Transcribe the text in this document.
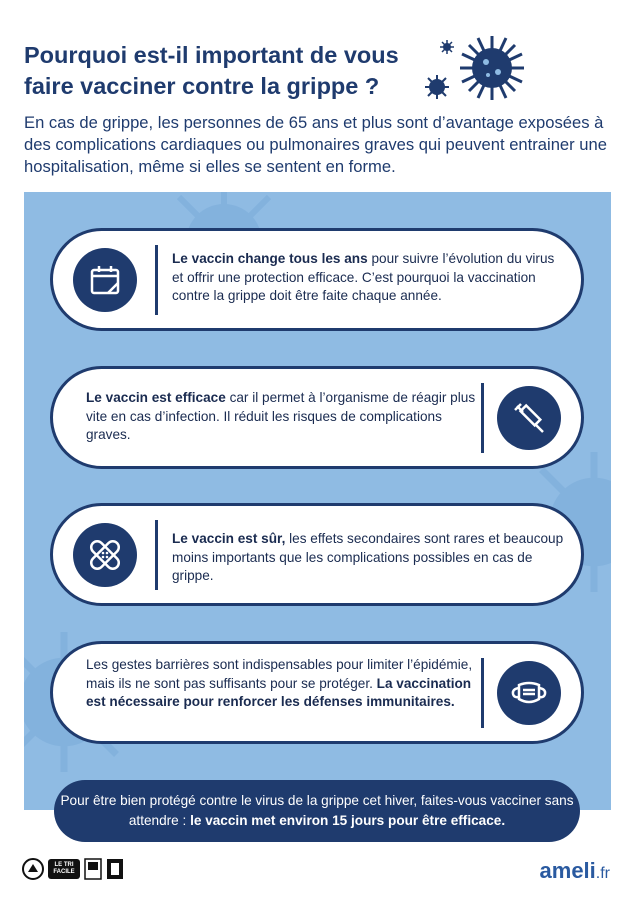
Pourquoi est-il important de vous faire vacciner contre la grippe ?

En cas de grippe, les personnes de 65 ans et plus sont d’avantage exposées à des complications cardiaques ou pulmonaires graves qui peuvent entrainer une hospitalisation, même si elles se sentent en forme.

Le vaccin change tous les ans pour suivre l’évolution du virus et offrir une protection efficace. C’est pourquoi la vaccination contre la grippe doit être faite chaque année.

Le vaccin est efficace car il permet à l’organisme de réagir plus vite en cas d’infection. Il réduit les risques de complications graves.

Le vaccin est sûr, les effets secondaires sont rares et beaucoup moins importants que les complications possibles en cas de grippe.

Les gestes barrières sont indispensables pour limiter l’épidémie, mais ils ne sont pas suffisants pour se protéger. La vaccination est nécessaire pour renforcer les défenses immunitaires.

Pour être bien protégé contre le virus de la grippe cet hiver, faites-vous vacciner sans attendre : le vaccin met environ 15 jours pour être efficace.
LE TRI FACILE	ameli.fr
